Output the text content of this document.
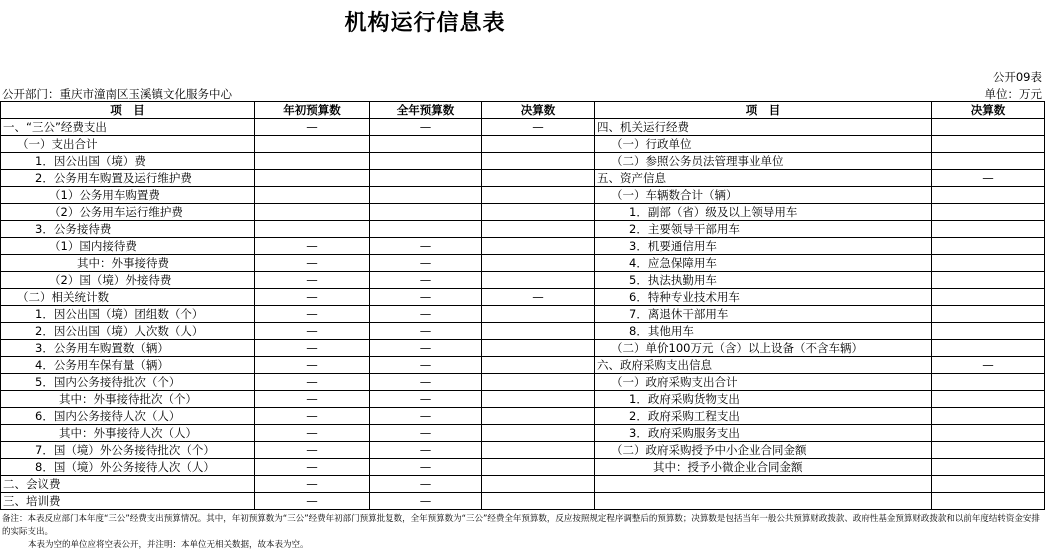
机构运行信息表
公开09表
公开部门：重庆市潼南区玉溪镇文化服务中心	单位：万元
项　目	年初预算数	全年预算数	决算数	项　目	决算数
一、“三公”经费支出	—	—	—	四、机关运行经费	
（一）支出合计				（一）行政单位	
1．因公出国（境）费				（二）参照公务员法管理事业单位	
2．公务用车购置及运行维护费				五、资产信息	—
（1）公务用车购置费				（一）车辆数合计（辆）	
（2）公务用车运行维护费				1．副部（省）级及以上领导用车	
3．公务接待费				2．主要领导干部用车	
（1）国内接待费	—	—		3．机要通信用车	
其中：外事接待费	—	—		4．应急保障用车	
（2）国（境）外接待费	—	—		5．执法执勤用车	
（二）相关统计数	—	—	—	6．特种专业技术用车	
1．因公出国（境）团组数（个）	—	—		7．离退休干部用车	
2．因公出国（境）人次数（人）	—	—		8．其他用车	
3．公务用车购置数（辆）	—	—		（二）单价100万元（含）以上设备（不含车辆）	
4．公务用车保有量（辆）	—	—		六、政府采购支出信息	—
5．国内公务接待批次（个）	—	—		（一）政府采购支出合计	
其中：外事接待批次（个）	—	—		1．政府采购货物支出	
6．国内公务接待人次（人）	—	—		2．政府采购工程支出	
其中：外事接待人次（人）	—	—		3．政府采购服务支出	
7．国（境）外公务接待批次（个）	—	—		（二）政府采购授予中小企业合同金额	
8．国（境）外公务接待人次（人）	—	—		其中：授予小微企业合同金额	
二、会议费	—	—			
三、培训费	—	—			
备注：本表反应部门本年度“三公”经费支出预算情况。其中，年初预算数为“三公”经费年初部门预算批复数，全年预算数为“三公”经费全年预算数，反应按照规定程序调整后的预算数；决算数是包括当年一般公共预算财政拨款、政府性基金预算财政拨款和以前年度结转资金安排的实际支出。
本表为空的单位应将空表公开，并注明：本单位无相关数据，故本表为空。
